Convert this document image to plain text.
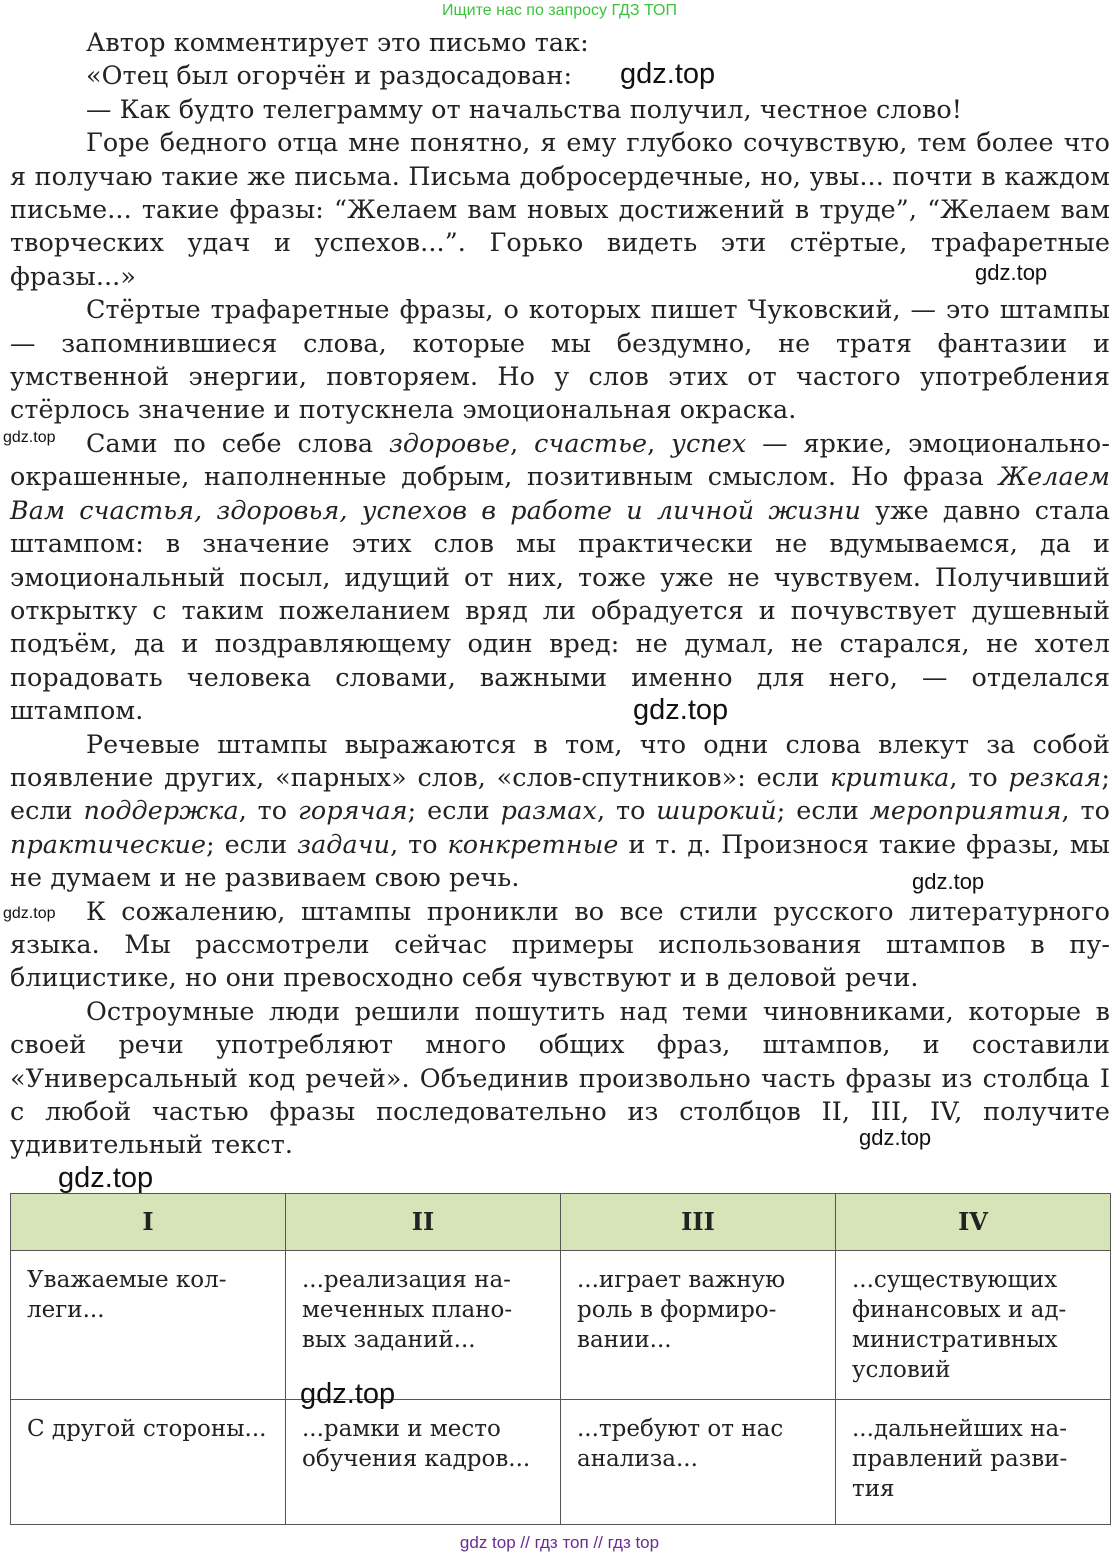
Ищите нас по запросу ГДЗ ТОП

Автор комментирует это письмо так:

«Отец был огорчён и раздосадован:

— Как будто телеграмму от начальства получил, честное слово!

Горе бедного отца мне понятно, я ему глубоко сочувствую, тем более что я получаю такие же письма. Письма добросердечные, но, увы... почти в каждом письме... такие фразы: “Желаем вам новых достижений в труде”, “Желаем вам творческих удач и успехов...”. Горько видеть эти стёртые, трафаретные фразы...»

Стёртые трафаретные фразы, о которых пишет Чуковский, — это штампы — запомнившиеся слова, которые мы бездумно, не тратя фантазии и умственной энергии, повторяем. Но у слов этих от частого употребления стёрлось значение и потускнела эмоциональная окраска.

Сами по себе слова здоровье, счастье, успех — яркие, эмоционально-окрашенные, наполненные добрым, позитивным смыслом. Но фраза Желаем Вам счастья, здоровья, успехов в работе и личной жизни уже давно стала штампом: в значение этих слов мы практически не вдумываемся, да и эмоциональный посыл, идущий от них, тоже уже не чувствуем. Получивший открытку с таким пожеланием вряд ли обрадуется и почувствует душевный подъём, да и поздравляющему один вред: не думал, не старался, не хотел порадовать человека словами, важными именно для него, — отделался штампом.

Речевые штампы выражаются в том, что одни слова влекут за собой появление других, «парных» слов, «слов-спутников»: если критика, то резкая; если поддержка, то горячая; если размах, то широкий; если мероприятия, то практические; если задачи, то конкретные и т. д. Произнося такие фразы, мы не думаем и не развиваем свою речь.

К сожалению, штампы проникли во все стили русского литературного языка. Мы рассмотрели сейчас примеры использования штампов в публицистике, но они превосходно себя чувствуют и в деловой речи.

Остроумные люди решили пошутить над теми чиновниками, которые в своей речи употребляют много общих фраз, штампов, и составили «Универсальный код речей». Объединив произвольно часть фразы из столбца I с любой частью фразы последовательно из столбцов II, III, IV, получите удивительный текст.

gdz.top
gdz.top
gdz.top
gdz.top
gdz.top
gdz.top
gdz.top
gdz.top
gdz.top
I	II	III	IV
Уважаемые коллеги...	...реализация намеченных плановых заданий...	...играет важную роль в формировании...	...существующих финансовых и административных условий
С другой стороны...	...рамки и место обучения кадров...	...требуют от нас анализа...	...дальнейших направлений развития
gdz top // гдз топ // гдз top
